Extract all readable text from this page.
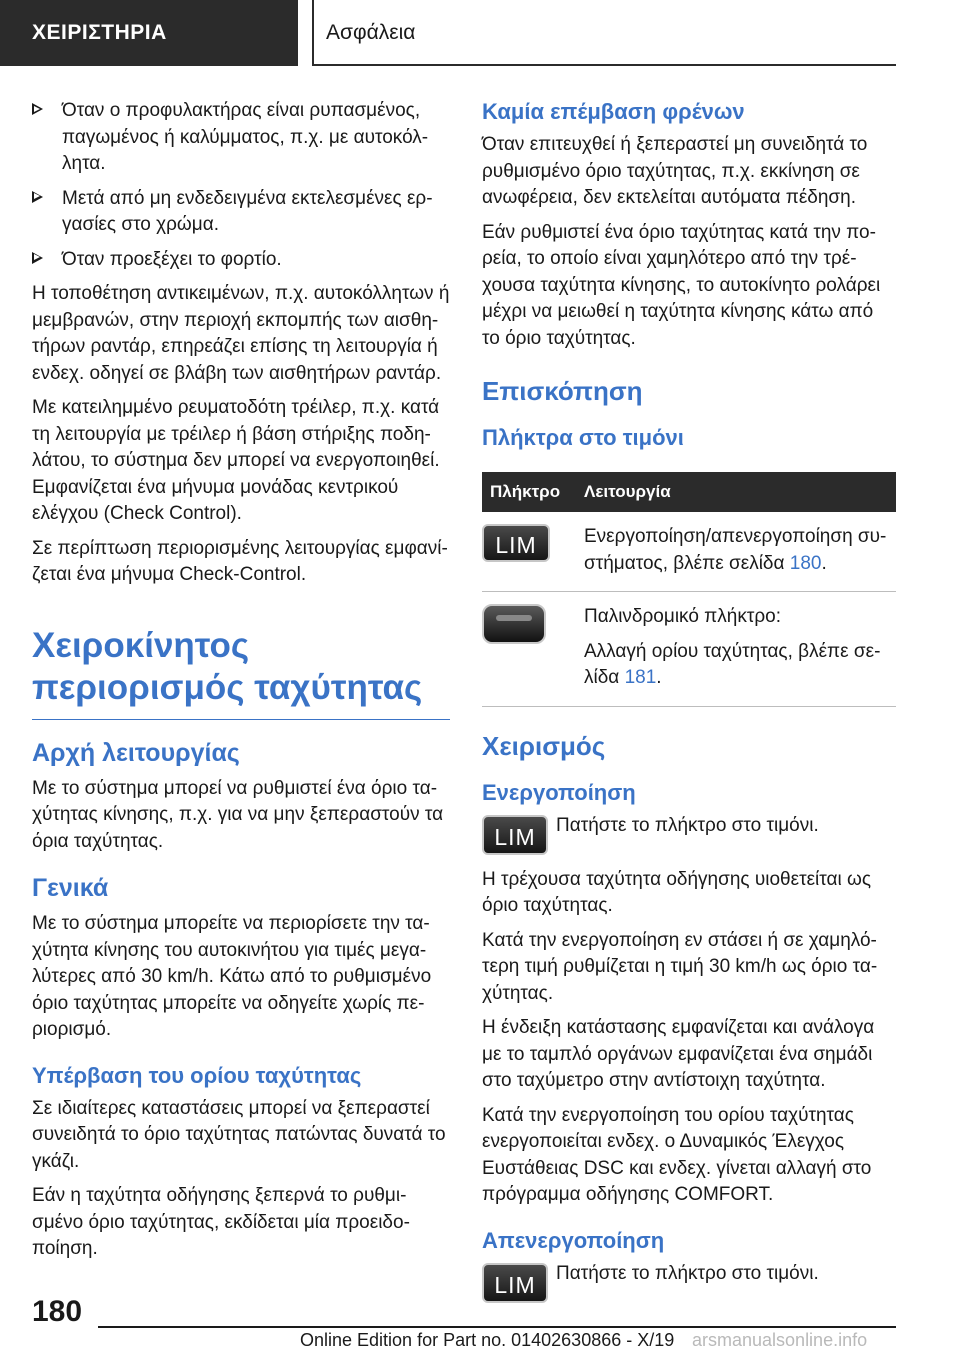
ΧΕΙΡΙΣΤΗΡΙΑ	Ασφάλεια
Όταν ο προφυλακτήρας είναι ρυπασμένος, παγωμένος ή καλύμματος, π.χ. με αυτοκόλλητα.
Μετά από μη ενδεδειγμένα εκτελεσμένες εργασίες στο χρώμα.
Όταν προεξέχει το φορτίο.

Η τοποθέτηση αντικειμένων, π.χ. αυτοκόλλητων ή μεμβρανών, στην περιοχή εκπομπής των αισθητήρων ραντάρ, επηρεάζει επίσης τη λειτουργία ή ενδεχ. οδηγεί σε βλάβη των αισθητήρων ραντάρ.

Με κατειλημμένο ρευματοδότη τρέιλερ, π.χ. κατά τη λειτουργία με τρέιλερ ή βάση στήριξης ποδηλάτου, το σύστημα δεν μπορεί να ενεργοποιηθεί. Εμφανίζεται ένα μήνυμα μονάδας κεντρικού ελέγχου (Check Control).

Σε περίπτωση περιορισμένης λειτουργίας εμφανίζεται ένα μήνυμα Check-Control.

Χειροκίνητος περιορισμός ταχύτητας
Αρχή λειτουργίας

Με το σύστημα μπορεί να ρυθμιστεί ένα όριο ταχύτητας κίνησης, π.χ. για να μην ξεπεραστούν τα όρια ταχύτητας.

Γενικά

Με το σύστημα μπορείτε να περιορίσετε την ταχύτητα κίνησης του αυτοκινήτου για τιμές μεγαλύτερες από 30 km/h. Κάτω από το ρυθμισμένο όριο ταχύτητας μπορείτε να οδηγείτε χωρίς περιορισμό.

Υπέρβαση του ορίου ταχύτητας

Σε ιδιαίτερες καταστάσεις μπορεί να ξεπεραστεί συνειδητά το όριο ταχύτητας πατώντας δυνατά το γκάζι.

Εάν η ταχύτητα οδήγησης ξεπερνά το ρυθμισμένο όριο ταχύτητας, εκδίδεται μία προειδοποίηση.

Καμία επέμβαση φρένων

Όταν επιτευχθεί ή ξεπεραστεί μη συνειδητά το ρυθμισμένο όριο ταχύτητας, π.χ. εκκίνηση σε ανωφέρεια, δεν εκτελείται αυτόματα πέδηση.

Εάν ρυθμιστεί ένα όριο ταχύτητας κατά την πορεία, το οποίο είναι χαμηλότερο από την τρέχουσα ταχύτητα κίνησης, το αυτοκίνητο ρολάρει μέχρι να μειωθεί η ταχύτητα κίνησης κάτω από το όριο ταχύτητας.

Επισκόπηση
Πλήκτρα στο τιμόνι
Πλήκτρο	Λειτουργία
LIM	Ενεργοποίηση/απενεργοποίηση συστήματος, βλέπε σελίδα 180.

	Παλινδρομικό πλήκτρο:
Αλλαγή ορίου ταχύτητας, βλέπε σελίδα 181.
Χειρισμός
Ενεργοποίηση
LIM	Πατήστε το πλήκτρο στο τιμόνι.

Η τρέχουσα ταχύτητα οδήγησης υιοθετείται ως όριο ταχύτητας.

Κατά την ενεργοποίηση εν στάσει ή σε χαμηλότερη τιμή ρυθμίζεται η τιμή 30 km/h ως όριο ταχύτητας.

Η ένδειξη κατάστασης εμφανίζεται και ανάλογα με το ταμπλό οργάνων εμφανίζεται ένα σημάδι στο ταχύμετρο στην αντίστοιχη ταχύτητα.

Κατά την ενεργοποίηση του ορίου ταχύτητας ενεργοποιείται ενδεχ. ο Δυναμικός Έλεγχος Ευστάθειας DSC και ενδεχ. γίνεται αλλαγή στο πρόγραμμα οδήγησης COMFORT.

Απενεργοποίηση
LIM	Πατήστε το πλήκτρο στο τιμόνι.
180
Online Edition for Part no. 01402630866 - X/19 arsmanualsonline.info
